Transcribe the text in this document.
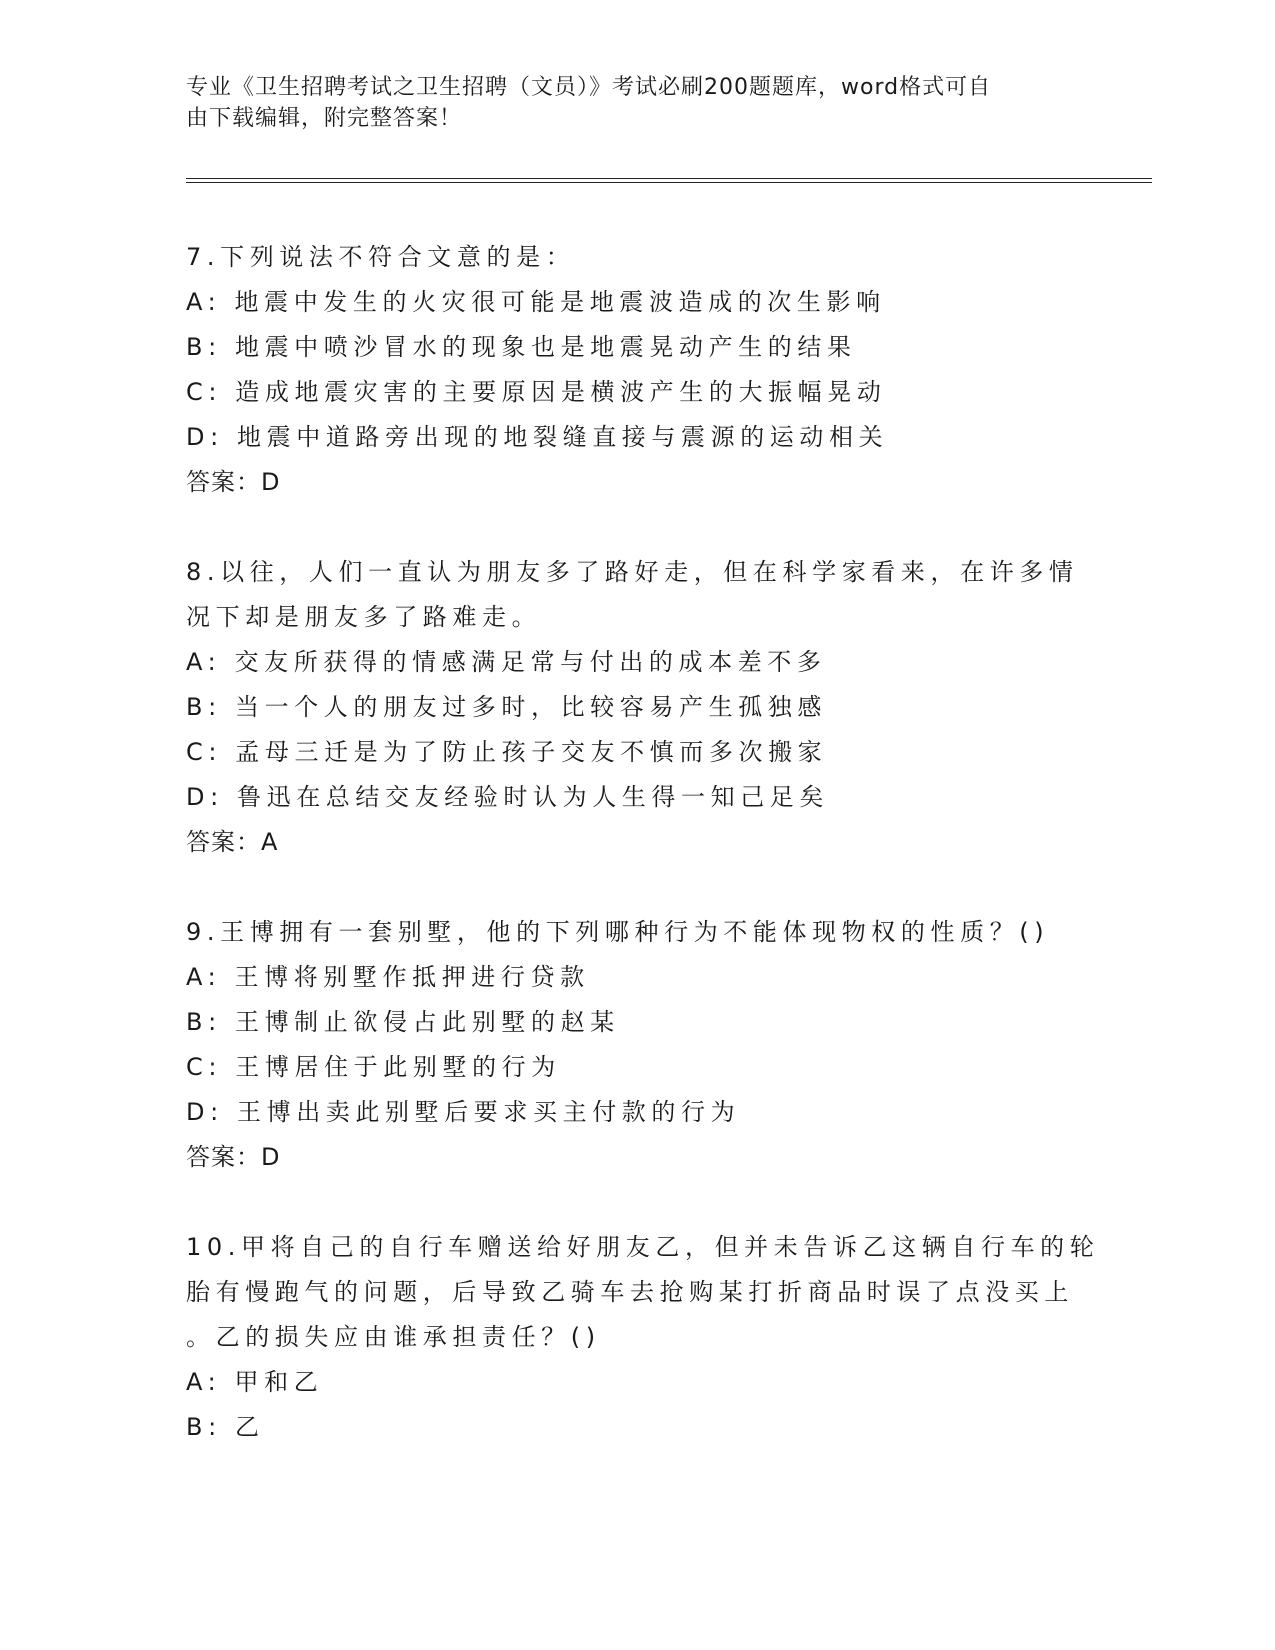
专业《卫生招聘考试之卫生招聘（文员）》考试必刷200题题库，word格式可自
由下载编辑，附完整答案！
7.下列说法不符合文意的是：
A: 地震中发生的火灾很可能是地震波造成的次生影响
B: 地震中喷沙冒水的现象也是地震晃动产生的结果
C: 造成地震灾害的主要原因是横波产生的大振幅晃动
D: 地震中道路旁出现的地裂缝直接与震源的运动相关
答案：D
8.以往，人们一直认为朋友多了路好走，但在科学家看来，在许多情
况下却是朋友多了路难走。
A: 交友所获得的情感满足常与付出的成本差不多
B: 当一个人的朋友过多时，比较容易产生孤独感
C: 孟母三迁是为了防止孩子交友不慎而多次搬家
D: 鲁迅在总结交友经验时认为人生得一知己足矣
答案：A
9.王博拥有一套别墅，他的下列哪种行为不能体现物权的性质？()
A: 王博将别墅作抵押进行贷款
B: 王博制止欲侵占此别墅的赵某
C: 王博居住于此别墅的行为
D: 王博出卖此别墅后要求买主付款的行为
答案：D
10.甲将自己的自行车赠送给好朋友乙，但并未告诉乙这辆自行车的轮
胎有慢跑气的问题，后导致乙骑车去抢购某打折商品时误了点没买上
。乙的损失应由谁承担责任？()
A: 甲和乙
B: 乙
